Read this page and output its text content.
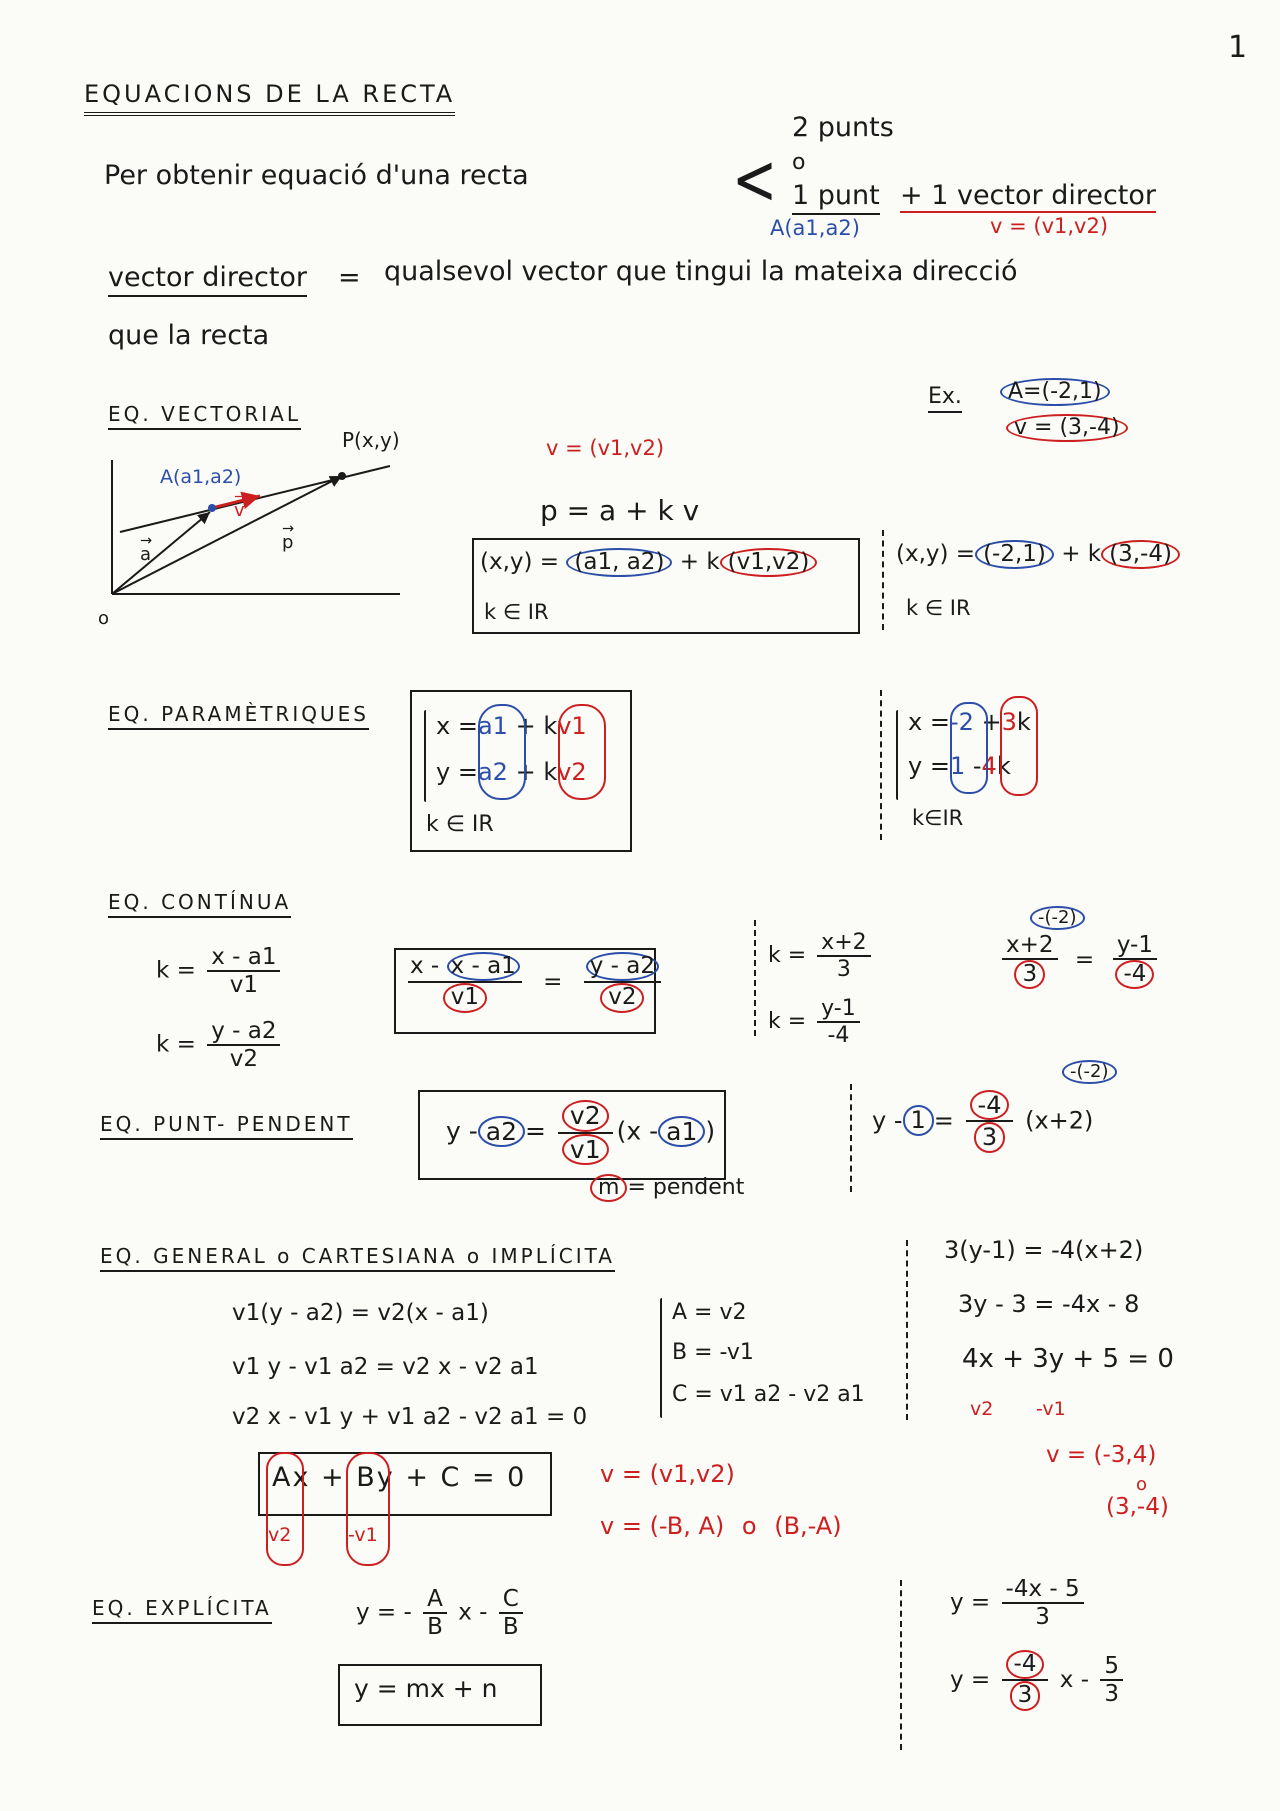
1
EQUACIONS DE LA RECTA
Per obtenir equació d'una recta	<
2 punts
o
1 punt + 1 vector director
A(a1,a2)	v = (v1,v2)
vector director = qualsevol vector que tingui la mateixa direcció
que la recta
Ex.	A=(-2,1)
v = (3,-4)
EQ. VECTORIAL
P(x,y)
A(a1,a2)
→ v
→ a
→ p
o
v = (v1,v2)
p = a + k v
(x,y) = (a1, a2) + k (v1,v2)
k ∈ IR
(x,y) = (-2,1) + k (3,-4)
k ∈ IR
EQ. PARAMÈTRIQUES	x =a1 + kv1
y =a2 + kv2
k ∈ IR
x =-2 +3k
y =1 -4k
k∈IR
EQ. CONTÍNUA
$k = \frac{x - a1}{v1}$
$k = \frac{y - a2}{v2}$
$\frac{x - x - a1}{v1} = \frac{y - a2}{v2}$	$k = \frac{x+2}{3}$
$k = \frac{y-1}{-4}$
-(-2)
$\frac{x+2}{3} = \frac{y-1}{-4}$
EQ. PUNT- PENDENT	$y - a2 = \frac{v2}{v1} (x - a1$ )
m = pendent
-(-2)
$y - 1 = \frac{-4}{3} (x+2)$
EQ. GENERAL o CARTESIANA o IMPLÍCITA
v1(y - a2) = v2(x - a1)
v1 y - v1 a2 = v2 x - v2 a1
v2 x - v1 y + v1 a2 - v2 a1 = 0
Ax + By + C = 0
v2	-v1
A = v2
B = -v1
C = v1 a2 - v2 a1
v = (v1,v2)
v = (-B, A) o (B,-A)
3(y-1) = -4(x+2)
3y - 3 = -4x - 8
4x + 3y + 5 = 0
v2 -v1
v = (-3,4)
o
(3,-4)
EQ. EXPLÍCITA	y = - $\frac{A}{B}$ x - $\frac{C}{B}$
y = mx + n
$y = \frac{-4x - 5}{3}$
$y = \frac{-4}{3}$ x - $\frac{5}{3}$
